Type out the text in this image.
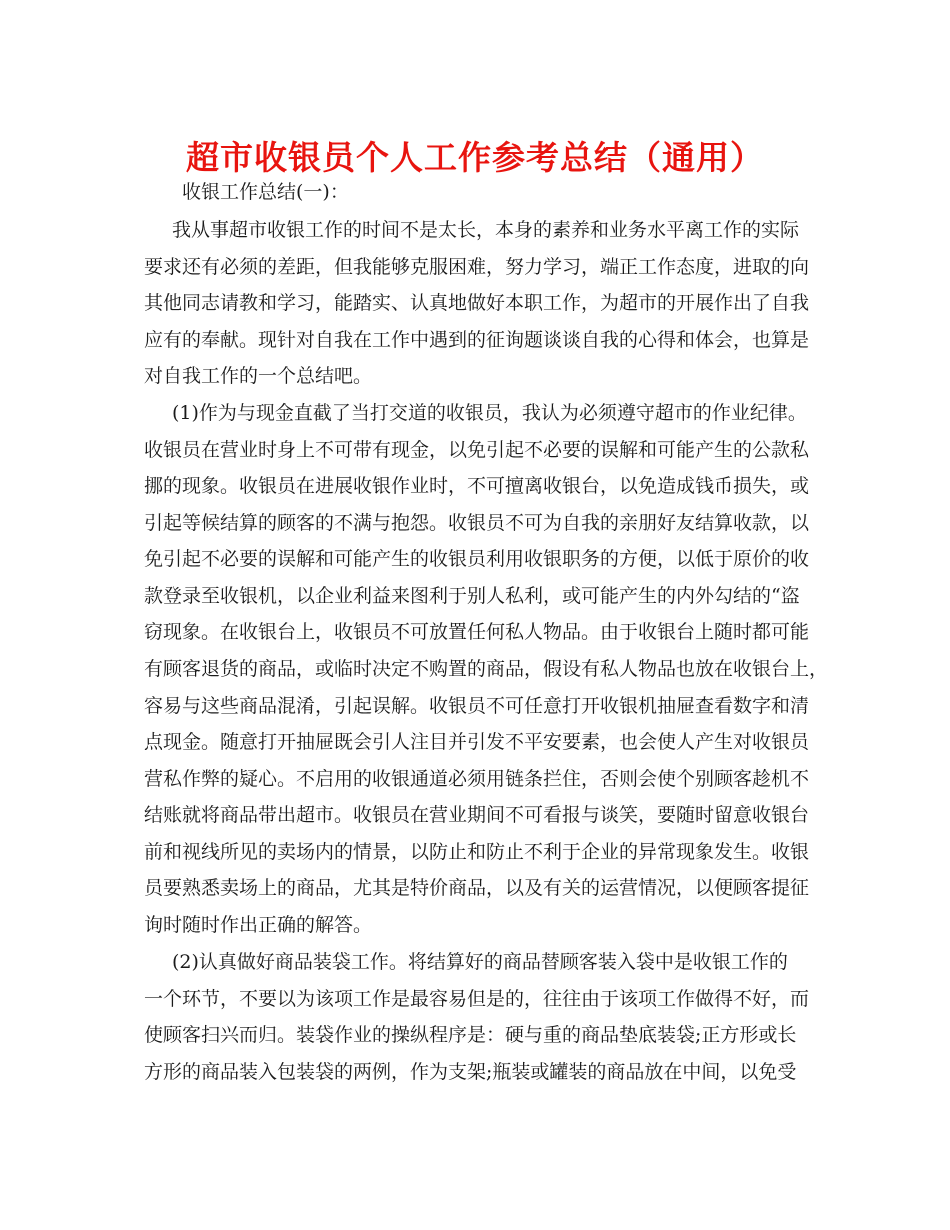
超市收银员个人工作参考总结（通用）
收银工作总结(一)：
我从事超市收银工作的时间不是太长，本身的素养和业务水平离工作的实际
要求还有必须的差距，但我能够克服困难，努力学习，端正工作态度，进取的向
其他同志请教和学习，能踏实、认真地做好本职工作，为超市的开展作出了自我
应有的奉献。现针对自我在工作中遇到的征询题谈谈自我的心得和体会，也算是
对自我工作的一个总结吧。
(1)作为与现金直截了当打交道的收银员，我认为必须遵守超市的作业纪律。
收银员在营业时身上不可带有现金，以免引起不必要的误解和可能产生的公款私
挪的现象。收银员在进展收银作业时，不可擅离收银台，以免造成钱币损失，或
引起等候结算的顾客的不满与抱怨。收银员不可为自我的亲朋好友结算收款，以
免引起不必要的误解和可能产生的收银员利用收银职务的方便，以低于原价的收
款登录至收银机，以企业利益来图利于别人私利，或可能产生的内外勾结的“盗
窃现象。在收银台上，收银员不可放置任何私人物品。由于收银台上随时都可能
有顾客退货的商品，或临时决定不购置的商品，假设有私人物品也放在收银台上，
容易与这些商品混淆，引起误解。收银员不可任意打开收银机抽屉查看数字和清
点现金。随意打开抽屉既会引人注目并引发不平安要素，也会使人产生对收银员
营私作弊的疑心。不启用的收银通道必须用链条拦住，否则会使个别顾客趁机不
结账就将商品带出超市。收银员在营业期间不可看报与谈笑，要随时留意收银台
前和视线所见的卖场内的情景，以防止和防止不利于企业的异常现象发生。收银
员要熟悉卖场上的商品，尤其是特价商品，以及有关的运营情况，以便顾客提征
询时随时作出正确的解答。
(2)认真做好商品装袋工作。将结算好的商品替顾客装入袋中是收银工作的
一个环节，不要以为该项工作是最容易但是的，往往由于该项工作做得不好，而
使顾客扫兴而归。装袋作业的操纵程序是：硬与重的商品垫底装袋;正方形或长
方形的商品装入包装袋的两例，作为支架;瓶装或罐装的商品放在中间，以免受
